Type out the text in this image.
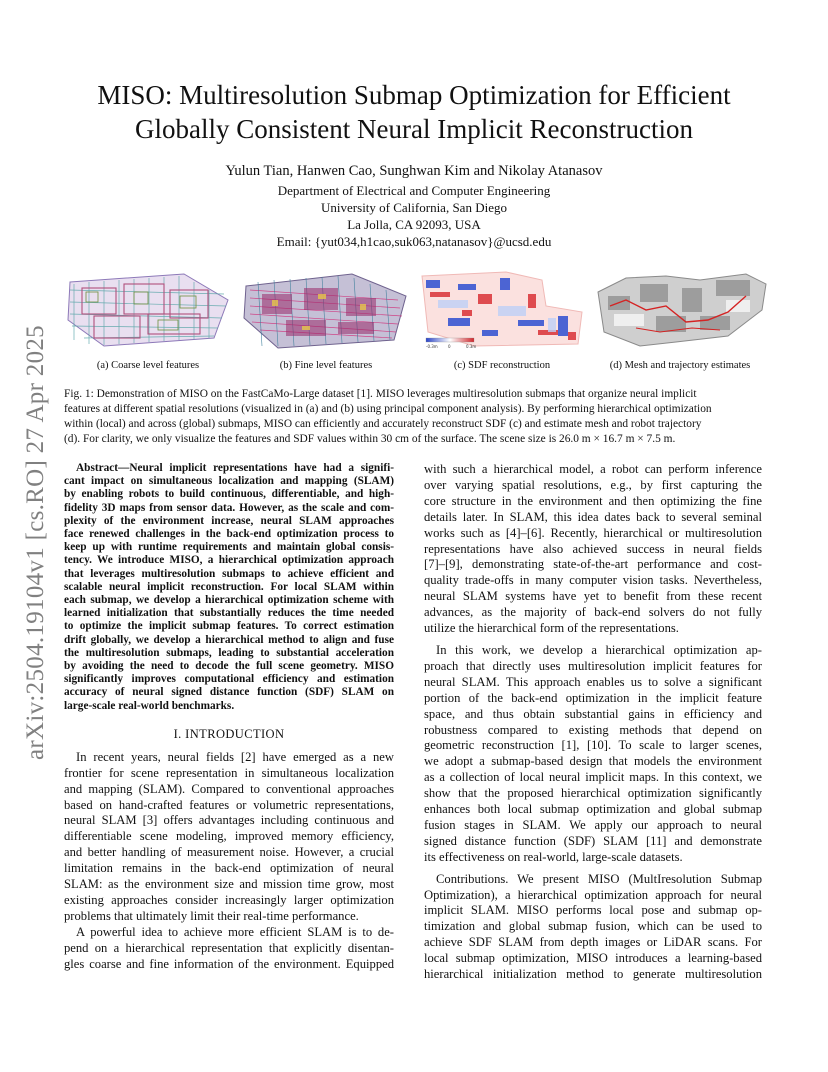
arXiv:2504.19104v1 [cs.RO] 27 Apr 2025
MISO: Multiresolution Submap Optimization for Efficient
Globally Consistent Neural Implicit Reconstruction
Yulun Tian, Hanwen Cao, Sunghwan Kim and Nikolay Atanasov
Department of Electrical and Computer Engineering
University of California, San Diego
La Jolla, CA 92093, USA
Email: {yut034,h1cao,suk063,natanasov}@ucsd.edu
(a) Coarse level features	(b) Fine level features
-0.3m	0	0.3m
(c) SDF reconstruction	(d) Mesh and trajectory estimates
Fig. 1: Demonstration of MISO on the FastCaMo-Large dataset [1]. MISO leverages multiresolution submaps that organize neural implicit
features at different spatial resolutions (visualized in (a) and (b) using principal component analysis). By performing hierarchical optimization
within (local) and across (global) submaps, MISO can efficiently and accurately reconstruct SDF (c) and estimate mesh and robot trajectory
(d). For clarity, we only visualize the features and SDF values within 30 cm of the surface. The scene size is 26.0 m × 16.7 m × 7.5 m.
Abstract—Neural implicit representations have had a signifi-
cant impact on simultaneous localization and mapping (SLAM)
by enabling robots to build continuous, differentiable, and high-
fidelity 3D maps from sensor data. However, as the scale and com-
plexity of the environment increase, neural SLAM approaches
face renewed challenges in the back-end optimization process to
keep up with runtime requirements and maintain global consis-
tency. We introduce MISO, a hierarchical optimization approach
that leverages multiresolution submaps to achieve efficient and
scalable neural implicit reconstruction. For local SLAM within
each submap, we develop a hierarchical optimization scheme with
learned initialization that substantially reduces the time needed
to optimize the implicit submap features. To correct estimation
drift globally, we develop a hierarchical method to align and fuse
the multiresolution submaps, leading to substantial acceleration
by avoiding the need to decode the full scene geometry. MISO
significantly improves computational efficiency and estimation
accuracy of neural signed distance function (SDF) SLAM on
large-scale real-world benchmarks.
I. INTRODUCTION
In recent years, neural fields [2] have emerged as a new
frontier for scene representation in simultaneous localization
and mapping (SLAM). Compared to conventional approaches
based on hand-crafted features or volumetric representations,
neural SLAM [3] offers advantages including continuous and
differentiable scene modeling, improved memory efficiency,
and better handling of measurement noise. However, a crucial
limitation remains in the back-end optimization of neural
SLAM: as the environment size and mission time grow, most
existing approaches consider increasingly larger optimization
problems that ultimately limit their real-time performance.
A powerful idea to achieve more efficient SLAM is to de-
pend on a hierarchical representation that explicitly disentan-
gles coarse and fine information of the environment. Equipped
with such a hierarchical model, a robot can perform inference
over varying spatial resolutions, e.g., by first capturing the
core structure in the environment and then optimizing the fine
details later. In SLAM, this idea dates back to several seminal
works such as [4]–[6]. Recently, hierarchical or multiresolution
representations have also achieved success in neural fields
[7]–[9], demonstrating state-of-the-art performance and cost-
quality trade-offs in many computer vision tasks. Nevertheless,
neural SLAM systems have yet to benefit from these recent
advances, as the majority of back-end solvers do not fully
utilize the hierarchical form of the representations.
In this work, we develop a hierarchical optimization ap-
proach that directly uses multiresolution implicit features for
neural SLAM. This approach enables us to solve a significant
portion of the back-end optimization in the implicit feature
space, and thus obtain substantial gains in efficiency and
robustness compared to existing methods that depend on
geometric reconstruction [1], [10]. To scale to larger scenes,
we adopt a submap-based design that models the environment
as a collection of local neural implicit maps. In this context, we
show that the proposed hierarchical optimization significantly
enhances both local submap optimization and global submap
fusion stages in SLAM. We apply our approach to neural
signed distance function (SDF) SLAM [11] and demonstrate
its effectiveness on real-world, large-scale datasets.
Contributions. We present MISO (MultIresolution Submap
Optimization), a hierarchical optimization approach for neural
implicit SLAM. MISO performs local pose and submap op-
timization and global submap fusion, which can be used to
achieve SDF SLAM from depth images or LiDAR scans. For
local submap optimization, MISO introduces a learning-based
hierarchical initialization method to generate multiresolution
